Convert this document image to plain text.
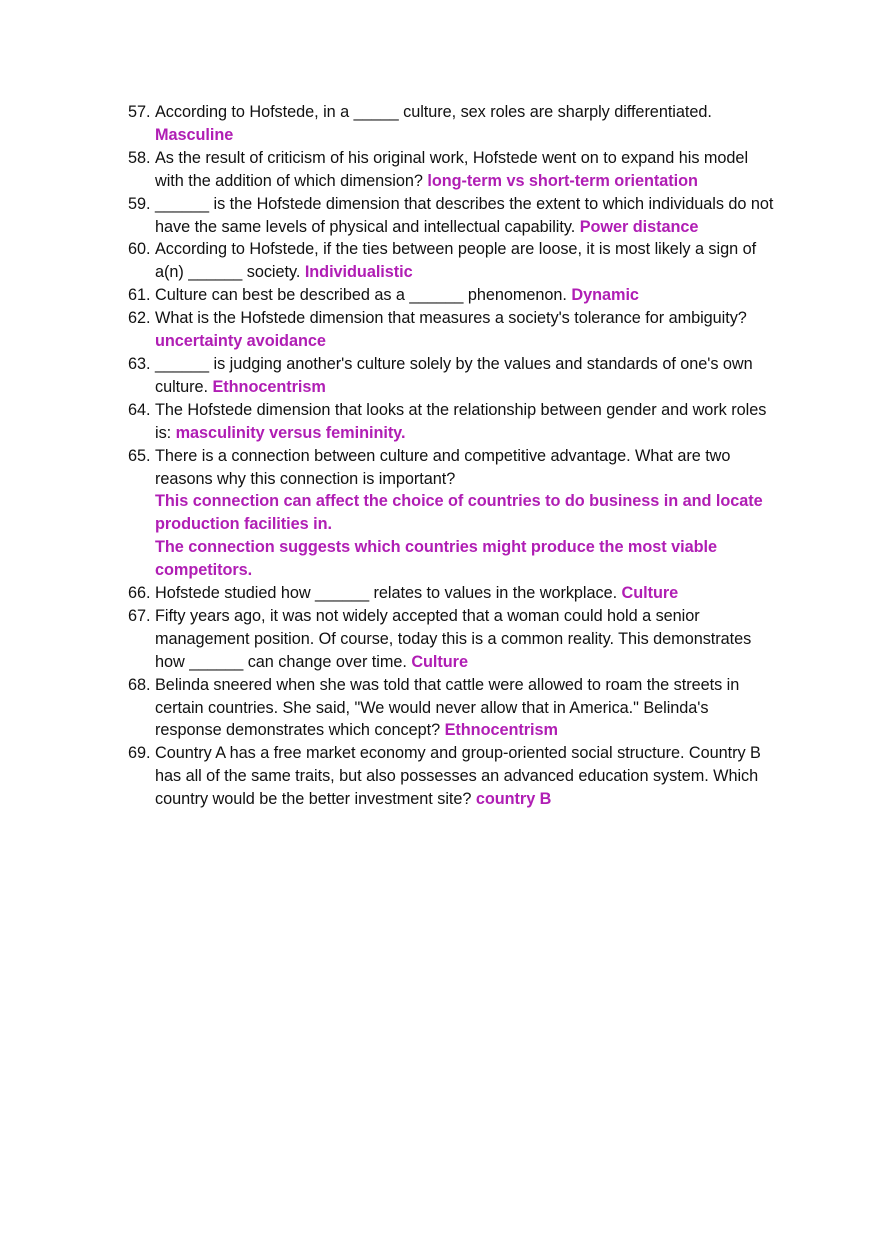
57. According to Hofstede, in a _____ culture, sex roles are sharply differentiated. Masculine
58. As the result of criticism of his original work, Hofstede went on to expand his model with the addition of which dimension? long-term vs short-term orientation
59. ______ is the Hofstede dimension that describes the extent to which individuals do not have the same levels of physical and intellectual capability. Power distance
60. According to Hofstede, if the ties between people are loose, it is most likely a sign of a(n) ______ society. Individualistic
61. Culture can best be described as a ______ phenomenon. Dynamic
62. What is the Hofstede dimension that measures a society's tolerance for ambiguity? uncertainty avoidance
63. ______ is judging another's culture solely by the values and standards of one's own culture. Ethnocentrism
64. The Hofstede dimension that looks at the relationship between gender and work roles is: masculinity versus femininity.
65. There is a connection between culture and competitive advantage. What are two reasons why this connection is important?
This connection can affect the choice of countries to do business in and locate production facilities in.
The connection suggests which countries might produce the most viable competitors.
66. Hofstede studied how ______ relates to values in the workplace. Culture
67. Fifty years ago, it was not widely accepted that a woman could hold a senior management position. Of course, today this is a common reality. This demonstrates how ______ can change over time. Culture
68. Belinda sneered when she was told that cattle were allowed to roam the streets in certain countries. She said, "We would never allow that in America." Belinda's response demonstrates which concept? Ethnocentrism
69. Country A has a free market economy and group-oriented social structure. Country B has all of the same traits, but also possesses an advanced education system. Which country would be the better investment site? country B
